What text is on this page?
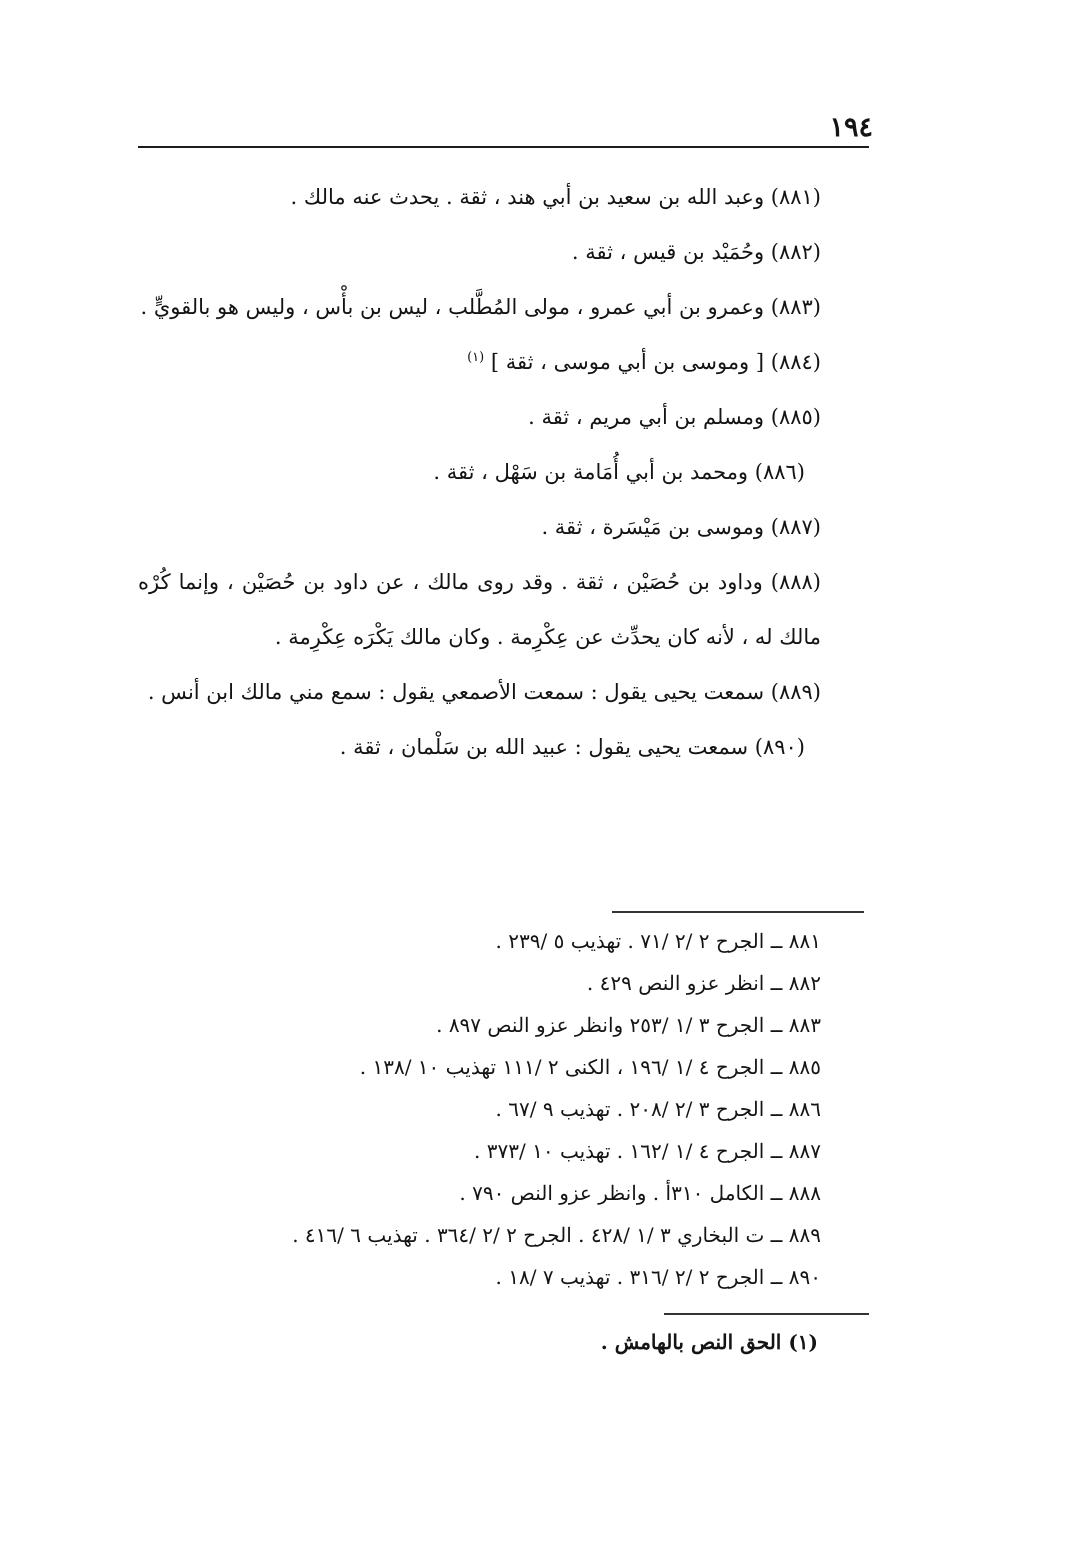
١٩٤
(٨٨١) وعبد الله بن سعيد بن أبي هند ، ثقة . يحدث عنه مالك .
(٨٨٢) وحُمَيْد بن قيس ، ثقة .
(٨٨٣) وعمرو بن أبي عمرو ، مولى المُطَّلب ، ليس بن بأْس ، وليس هو بالقويٍّ .
(٨٨٤) [ وموسى بن أبي موسى ، ثقة ] $^{(١)}$
(٨٨٥) ومسلم بن أبي مريم ، ثقة .
(٨٨٦) ومحمد بن أبي أُمَامة بن سَهْل ، ثقة .
(٨٨٧) وموسى بن مَيْسَرة ، ثقة .
(٨٨٨) وداود بن حُصَيْن ، ثقة . وقد روى مالك ، عن داود بن حُصَيْن ، وإنما كُرْه مالك له ، لأنه كان يحدِّث عن عِكْرِمة . وكان مالك يَكْرَه عِكْرِمة .
(٨٨٩) سمعت يحيى يقول : سمعت الأصمعي يقول : سمع مني مالك ابن أنس .
(٨٩٠) سمعت يحيى يقول : عبيد الله بن سَلْمان ، ثقة .
٨٨١ ــ الجرح ٢ /٢ /٧١ . تهذيب ٥ /٢٣٩ .
٨٨٢ ــ انظر عزو النص ٤٢٩ .
٨٨٣ ــ الجرح ٣ /١ /٢٥٣ وانظر عزو النص ٨٩٧ .
٨٨٥ ــ الجرح ٤ /١ /١٩٦ ، الكنى ٢ /١١١ تهذيب ١٠ /١٣٨ .
٨٨٦ ــ الجرح ٣ /٢ /٢٠٨ . تهذيب ٩ /٦٧ .
٨٨٧ ــ الجرح ٤ /١ /١٦٢ . تهذيب ١٠ /٣٧٣ .
٨٨٨ ــ الكامل ٣١٠أ . وانظر عزو النص ٧٩٠ .
٨٨٩ ــ ت البخاري ٣ /١ /٤٢٨ . الجرح ٢ /٢ /٣٦٤ . تهذيب ٦ /٤١٦ .
٨٩٠ ــ الجرح ٢ /٢ /٣١٦ . تهذيب ٧ /١٨ .
(١) الحق النص بالهامش .
